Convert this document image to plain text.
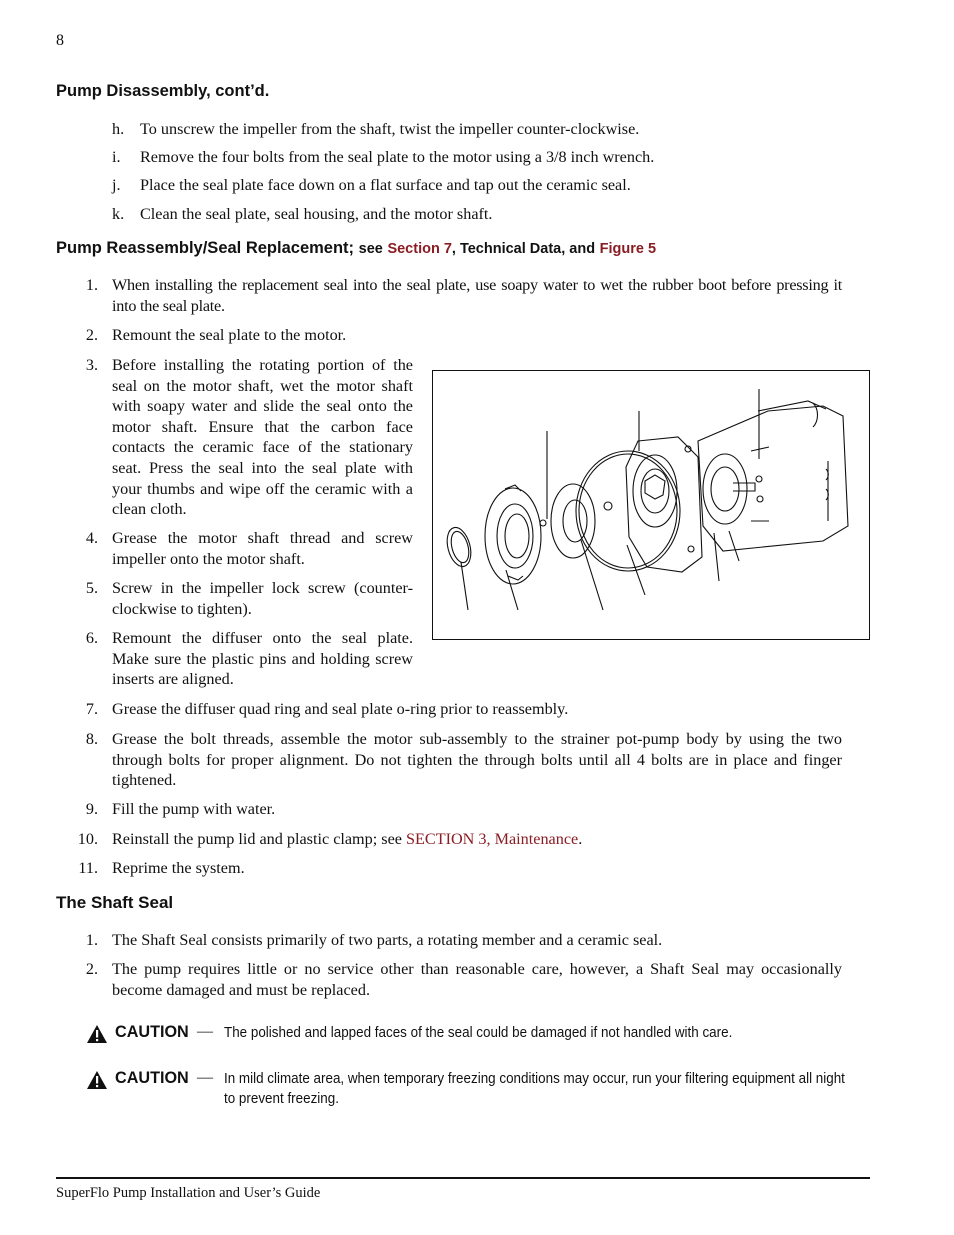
8
Pump Disassembly, cont’d.
h. To unscrew the impeller from the shaft, twist the impeller counter-clockwise.
i.	Remove the four bolts from the seal plate to the motor using a 3/8 inch wrench.
j.	Place the seal plate face down on a flat surface and tap out the ceramic seal.
k. Clean the seal plate, seal housing, and the motor shaft.
Pump Reassembly/Seal Replacement; see Section 7, Technical Data, and Figure 5
1. When installing the replacement seal into the seal plate, use soapy water to wet the rubber boot before pressing it into the seal plate.
2. Remount the seal plate to the motor.
3. Before installing the rotating portion of the seal on the motor shaft, wet the motor shaft with soapy water and slide the seal onto the motor shaft. Ensure that the carbon face contacts the ceramic face of the stationary seat. Press the seal into the seal plate with your thumbs and wipe off the ceramic with a clean cloth.
4. Grease the motor shaft thread and screw impeller onto the motor shaft.
5. Screw in the impeller lock screw (counter-clockwise to tighten).
6. Remount the diffuser onto the seal plate. Make sure the plastic pins and holding screw inserts are aligned.
7. Grease the diffuser quad ring and seal plate o-ring prior to reassembly.
8. Grease the bolt threads, assemble the motor sub-assembly to the strainer pot-pump body by using the two through bolts for proper alignment. Do not tighten the through bolts until all 4 bolts are in place and finger tightened.
9. Fill the pump with water.
10. Reinstall the pump lid and plastic clamp; see SECTION 3, Maintenance.
11. Reprime the system.
The Shaft Seal
1. The Shaft Seal consists primarily of two parts, a rotating member and a ceramic seal.
2. The pump requires little or no service other than reasonable care, however, a Shaft Seal may occasionally become damaged and must be replaced.
CAUTION — The polished and lapped faces of the seal could be damaged if not handled with care.
CAUTION — In mild climate area, when temporary freezing conditions may occur, run your filtering equipment all night to prevent freezing.
SuperFlo Pump Installation and User’s Guide
